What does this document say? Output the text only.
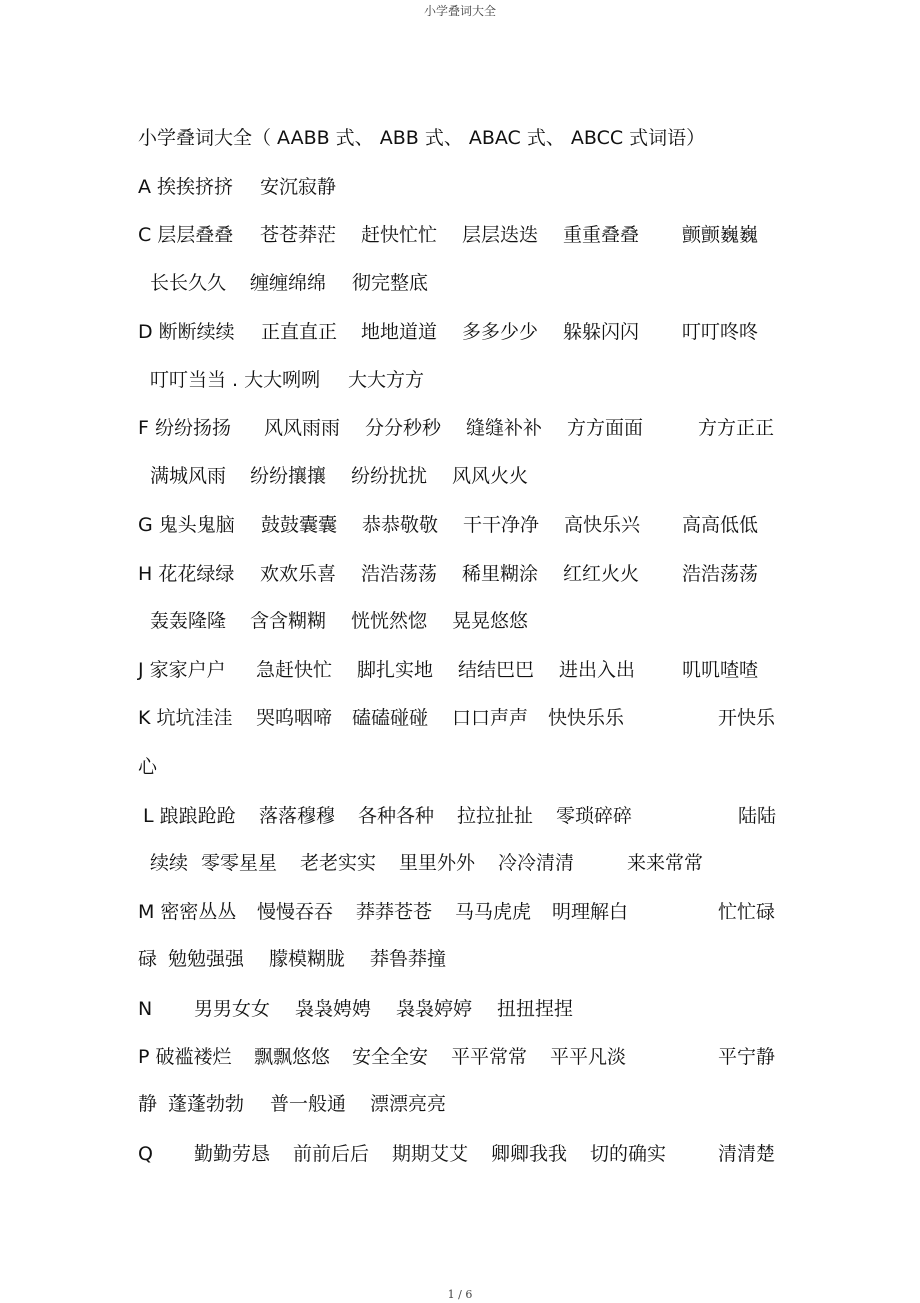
小学叠词大全
小学叠词大全（ AABB 式、 ABB 式、 ABAC 式、 ABCC 式词语）
A 挨挨挤挤 安沉寂静
C 层层叠叠 苍苍莽茫 赶快忙忙 层层迭迭 重重叠叠 颤颤巍巍
长长久久 缠缠绵绵 彻完整底
D 断断续续 正直直正 地地道道 多多少少 躲躲闪闪 叮叮咚咚
叮叮当当 . 大大咧咧 大大方方
F 纷纷扬扬 风风雨雨 分分秒秒 缝缝补补 方方面面	方方正正
满城风雨 纷纷攘攘 纷纷扰扰 风风火火
G 鬼头鬼脑 鼓鼓囊囊 恭恭敬敬 干干净净 高快乐兴 高高低低
H 花花绿绿 欢欢乐喜 浩浩荡荡 稀里糊涂 红红火火 浩浩荡荡
轰轰隆隆 含含糊糊 恍恍然惚 晃晃悠悠
J 家家户户 急赶快忙 脚扎实地 结结巴巴 进出入出 叽叽喳喳
K 坑坑洼洼 哭呜咽啼 磕磕碰碰 口口声声 快快乐乐	开快乐
心
L 踉踉跄跄 落落穆穆 各种各种 拉拉扯扯 零琐碎碎	陆陆
续续 零零星星 老老实实 里里外外 冷冷清清	来来常常
M 密密丛丛 慢慢吞吞 莽莽苍苍 马马虎虎 明理解白	忙忙碌
碌 勉勉强强 朦模糊胧 莽鲁莽撞
N 男男女女 袅袅娉娉 袅袅婷婷 扭扭捏捏
P 破褴褛烂 飘飘悠悠 安全全安 平平常常 平平凡淡	平宁静
静 蓬蓬勃勃 普一般通 漂漂亮亮
Q 勤勤劳恳 前前后后 期期艾艾 卿卿我我 切的确实	清清楚
1 / 6
